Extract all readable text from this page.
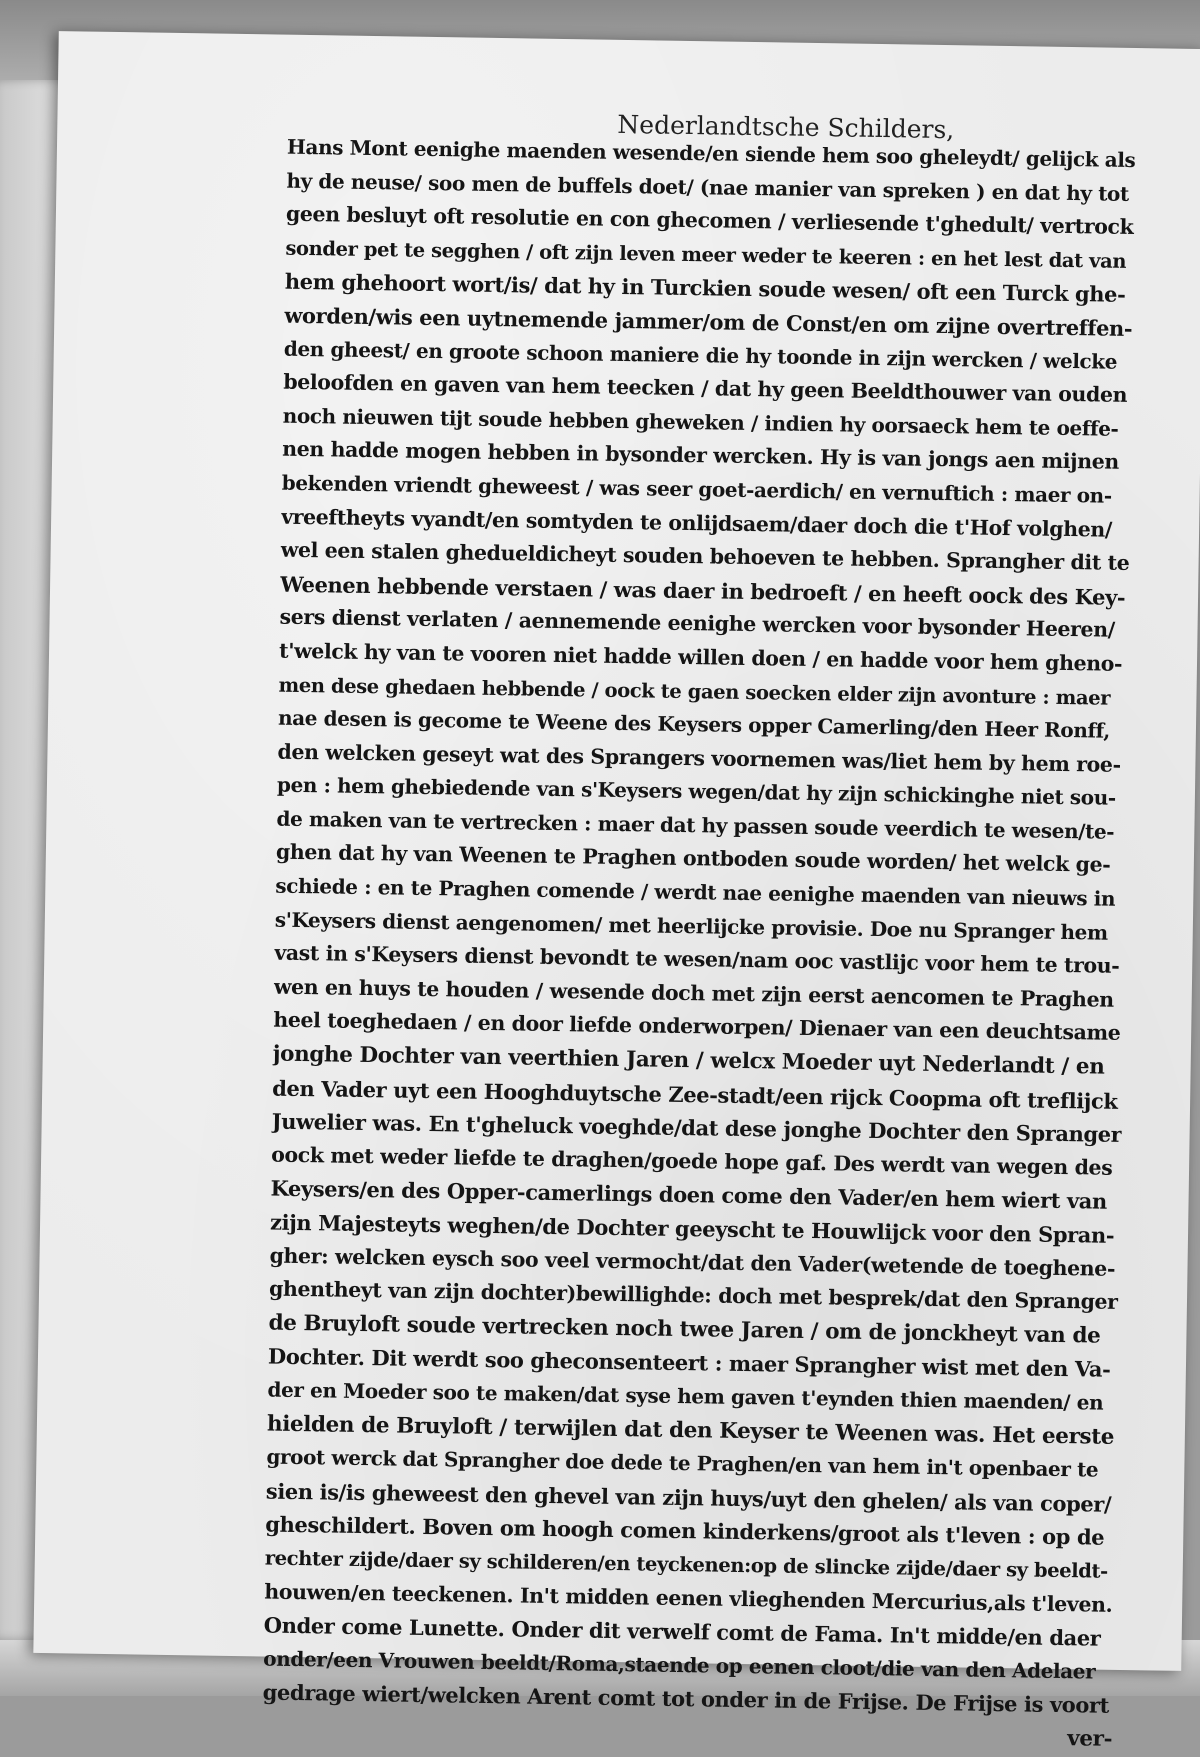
Nederlandtsche Schilders,
Hans Mont eenighe maenden wesende/en siende hem soo gheleydt/ gelijck als
hy de neuse/ soo men de buffels doet/ (nae manier van spreken ) en dat hy tot
geen besluyt oft resolutie en con ghecomen / verliesende t'ghedult/ vertrock
sonder pet te segghen / oft zijn leven meer weder te keeren : en het lest dat van
hem ghehoort wort/is/ dat hy in Turckien soude wesen/ oft een Turck ghe-
worden/wis een uytnemende jammer/om de Const/en om zijne overtreffen-
den gheest/ en groote schoon maniere die hy toonde in zijn wercken / welcke
beloofden en gaven van hem teecken / dat hy geen Beeldthouwer van ouden
noch nieuwen tijt soude hebben gheweken / indien hy oorsaeck hem te oeffe-
nen hadde mogen hebben in bysonder wercken. Hy is van jongs aen mijnen
bekenden vriendt gheweest / was seer goet-aerdich/ en vernuftich : maer on-
vreeftheyts vyandt/en somtyden te onlijdsaem/daer doch die t'Hof volghen/
wel een stalen ghedueldicheyt souden behoeven te hebben. Sprangher dit te
Weenen hebbende verstaen / was daer in bedroeft / en heeft oock des Key-
sers dienst verlaten / aennemende eenighe wercken voor bysonder Heeren/
t'welck hy van te vooren niet hadde willen doen / en hadde voor hem gheno-
men dese ghedaen hebbende / oock te gaen soecken elder zijn avonture : maer
nae desen is gecome te Weene des Keysers opper Camerling/den Heer Ronff,
den welcken geseyt wat des Sprangers voornemen was/liet hem by hem roe-
pen : hem ghebiedende van s'Keysers wegen/dat hy zijn schickinghe niet sou-
de maken van te vertrecken : maer dat hy passen soude veerdich te wesen/te-
ghen dat hy van Weenen te Praghen ontboden soude worden/ het welck ge-
schiede : en te Praghen comende / werdt nae eenighe maenden van nieuws in
s'Keysers dienst aengenomen/ met heerlijcke provisie. Doe nu Spranger hem
vast in s'Keysers dienst bevondt te wesen/nam ooc vastlijc voor hem te trou-
wen en huys te houden / wesende doch met zijn eerst aencomen te Praghen
heel toeghedaen / en door liefde onderworpen/ Dienaer van een deuchtsame
jonghe Dochter van veerthien Jaren / welcx Moeder uyt Nederlandt / en
den Vader uyt een Hooghduytsche Zee-stadt/een rijck Coopma oft treflijck
Juwelier was. En t'gheluck voeghde/dat dese jonghe Dochter den Spranger
oock met weder liefde te draghen/goede hope gaf. Des werdt van wegen des
Keysers/en des Opper-camerlings doen come den Vader/en hem wiert van
zijn Majesteyts weghen/de Dochter geeyscht te Houwlijck voor den Spran-
gher: welcken eysch soo veel vermocht/dat den Vader(wetende de toeghene-
ghentheyt van zijn dochter)bewillighde: doch met besprek/dat den Spranger
de Bruyloft soude vertrecken noch twee Jaren / om de jonckheyt van de
Dochter. Dit werdt soo gheconsenteert : maer Sprangher wist met den Va-
der en Moeder soo te maken/dat syse hem gaven t'eynden thien maenden/ en
hielden de Bruyloft / terwijlen dat den Keyser te Weenen was. Het eerste
groot werck dat Sprangher doe dede te Praghen/en van hem in't openbaer te
sien is/is gheweest den ghevel van zijn huys/uyt den ghelen/ als van coper/
gheschildert. Boven om hoogh comen kinderkens/groot als t'leven : op de
rechter zijde/daer sy schilderen/en teyckenen:op de slincke zijde/daer sy beeldt-
houwen/en teeckenen. In't midden eenen vlieghenden Mercurius,als t'leven.
Onder come Lunette. Onder dit verwelf comt de Fama. In't midde/en daer
onder/een Vrouwen beeldt/Roma,staende op eenen cloot/die van den Adelaer
gedrage wiert/welcken Arent comt tot onder in de Frijse. De Frijse is voort
ver-
